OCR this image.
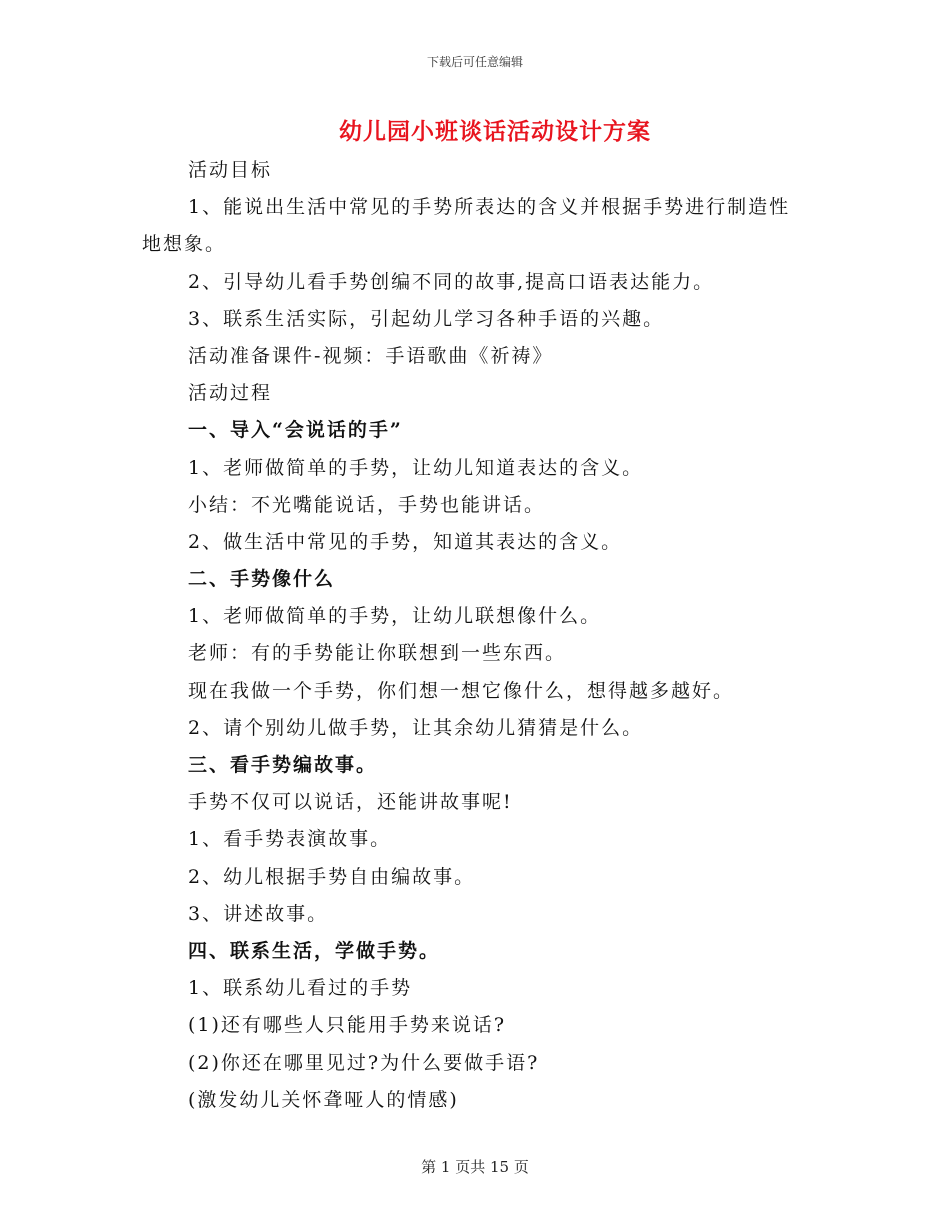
下载后可任意编辑
幼儿园小班谈话活动设计方案
活动目标
1、能说出生活中常见的手势所表达的含义并根据手势进行制造性
地想象。
2、引导幼儿看手势创编不同的故事,提高口语表达能力。
3、联系生活实际，引起幼儿学习各种手语的兴趣。
活动准备课件-视频：手语歌曲《祈祷》
活动过程
一、导入“会说话的手”
1、老师做简单的手势，让幼儿知道表达的含义。
小结：不光嘴能说话，手势也能讲话。
2、做生活中常见的手势，知道其表达的含义。
二、手势像什么
1、老师做简单的手势，让幼儿联想像什么。
老师：有的手势能让你联想到一些东西。
现在我做一个手势，你们想一想它像什么，想得越多越好。
2、请个别幼儿做手势，让其余幼儿猜猜是什么。
三、看手势编故事。
手势不仅可以说话，还能讲故事呢!
1、看手势表演故事。
2、幼儿根据手势自由编故事。
3、讲述故事。
四、联系生活，学做手势。
1、联系幼儿看过的手势
(1)还有哪些人只能用手势来说话?
(2)你还在哪里见过?为什么要做手语?
(激发幼儿关怀聋哑人的情感)
第 1 页共 15 页
